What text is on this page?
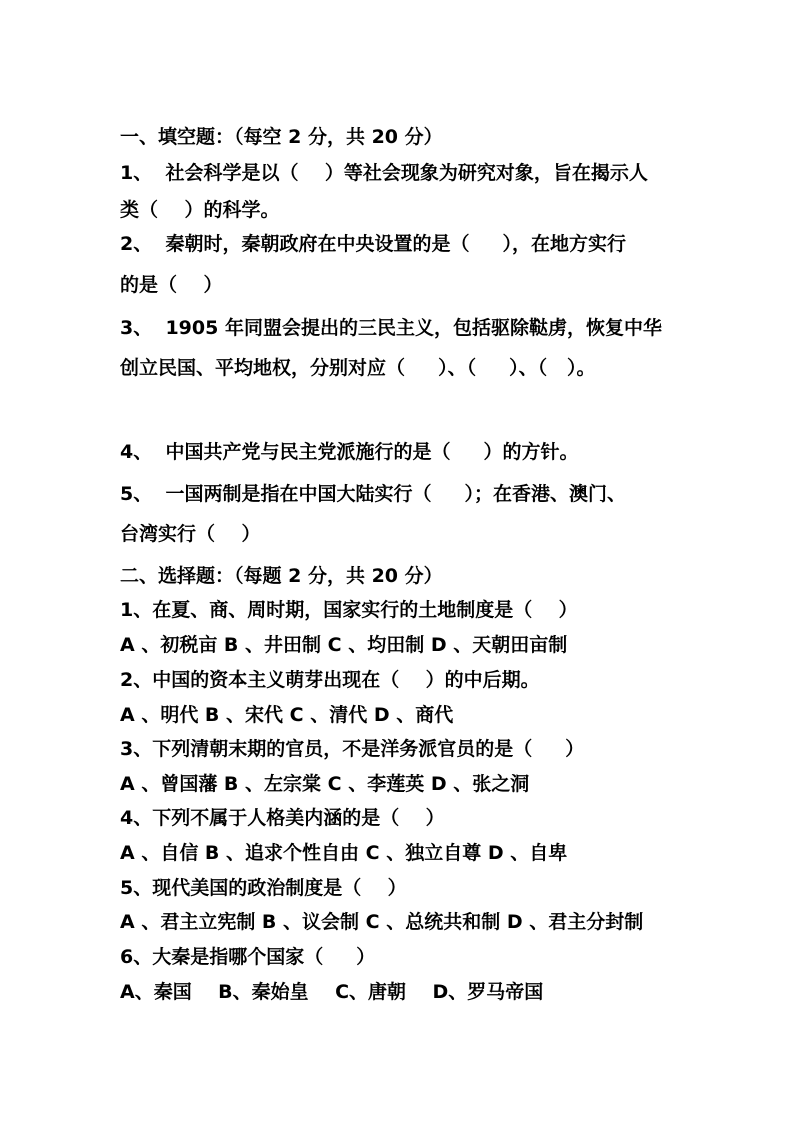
一、填空题：（每空 2 分，共 20 分）

1、  社会科学是以（    ）等社会现象为研究对象，旨在揭示人

类（    ）的科学。

2、  秦朝时，秦朝政府在中央设置的是（     ），在地方实行

的是（    ）

3、  1905 年同盟会提出的三民主义，包括驱除鞑虏，恢复中华

创立民国、平均地权，分别对应（     ）、（     ）、（   ）。

4、  中国共产党与民主党派施行的是（     ）的方针。

5、  一国两制是指在中国大陆实行（     ）；在香港、澳门、

台湾实行（    ）

二、选择题：（每题 2 分，共 20 分）

1、在夏、商、周时期，国家实行的土地制度是（    ）

A 、初税亩 B 、井田制 C 、均田制 D 、天朝田亩制

2、中国的资本主义萌芽出现在（    ）的中后期。

A 、明代 B 、宋代 C 、清代 D 、商代

3、下列清朝末期的官员，不是洋务派官员的是（     ）

A 、曾国藩 B 、左宗棠 C 、李莲英 D 、张之洞

4、下列不属于人格美内涵的是（    ）

A 、自信 B 、追求个性自由 C 、独立自尊 D 、自卑

5、现代美国的政治制度是（    ）

A 、君主立宪制 B 、议会制 C 、总统共和制 D 、君主分封制

6、大秦是指哪个国家（     ）

A、秦国    B、秦始皇    C、唐朝    D、罗马帝国
